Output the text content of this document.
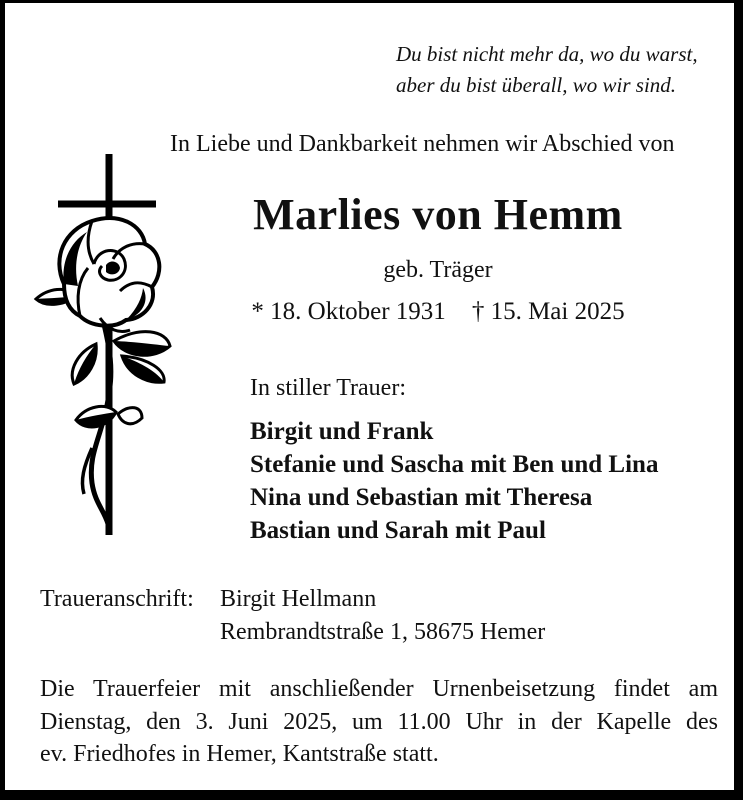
Du bist nicht mehr da, wo du warst,
aber du bist überall, wo wir sind.
In Liebe und Dankbarkeit nehmen wir Abschied von
Marlies von Hemm
geb. Träger
* 18. Oktober 1931 † 15. Mai 2025
In stiller Trauer:
Birgit und Frank
Stefanie und Sascha mit Ben und Lina
Nina und Sebastian mit Theresa
Bastian und Sarah mit Paul
Traueranschrift:	Birgit Hellmann
Rembrandtstraße 1, 58675 Hemer
Die Trauerfeier mit anschließender Urnenbeisetzung findet am
Dienstag, den 3. Juni 2025, um 11.00 Uhr in der Kapelle des
ev. Friedhofes in Hemer, Kantstraße statt.
